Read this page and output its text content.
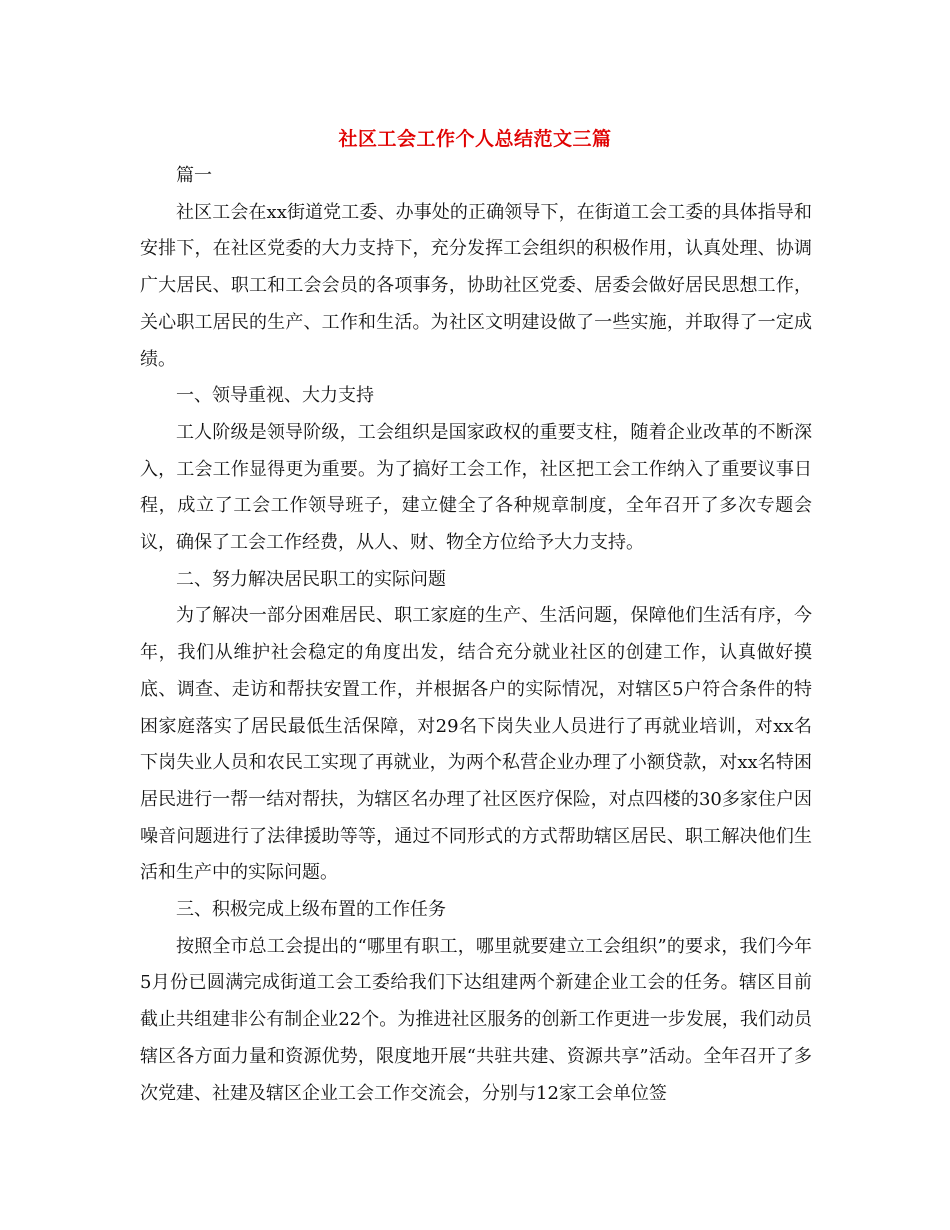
社区工会工作个人总结范文三篇

篇一

社区工会在xx街道党工委、办事处的正确领导下，在街道工会工委的具体指导和安排下，在社区党委的大力支持下，充分发挥工会组织的积极作用，认真处理、协调广大居民、职工和工会会员的各项事务，协助社区党委、居委会做好居民思想工作，关心职工居民的生产、工作和生活。为社区文明建设做了一些实施，并取得了一定成绩。

一、领导重视、大力支持

工人阶级是领导阶级，工会组织是国家政权的重要支柱，随着企业改革的不断深入，工会工作显得更为重要。为了搞好工会工作，社区把工会工作纳入了重要议事日程，成立了工会工作领导班子，建立健全了各种规章制度，全年召开了多次专题会议，确保了工会工作经费，从人、财、物全方位给予大力支持。

二、努力解决居民职工的实际问题

为了解决一部分困难居民、职工家庭的生产、生活问题，保障他们生活有序，今年，我们从维护社会稳定的角度出发，结合充分就业社区的创建工作，认真做好摸底、调查、走访和帮扶安置工作，并根据各户的实际情况，对辖区5户符合条件的特困家庭落实了居民最低生活保障，对29名下岗失业人员进行了再就业培训，对xx名下岗失业人员和农民工实现了再就业，为两个私营企业办理了小额贷款，对xx名特困居民进行一帮一结对帮扶，为辖区名办理了社区医疗保险，对点四楼的30多家住户因噪音问题进行了法律援助等等，通过不同形式的方式帮助辖区居民、职工解决他们生活和生产中的实际问题。

三、积极完成上级布置的工作任务

按照全市总工会提出的“哪里有职工，哪里就要建立工会组织”的要求，我们今年5月份已圆满完成街道工会工委给我们下达组建两个新建企业工会的任务。辖区目前截止共组建非公有制企业22个。为推进社区服务的创新工作更进一步发展，我们动员辖区各方面力量和资源优势，限度地开展“共驻共建、资源共享”活动。全年召开了多次党建、社建及辖区企业工会工作交流会，分别与12家工会单位签
